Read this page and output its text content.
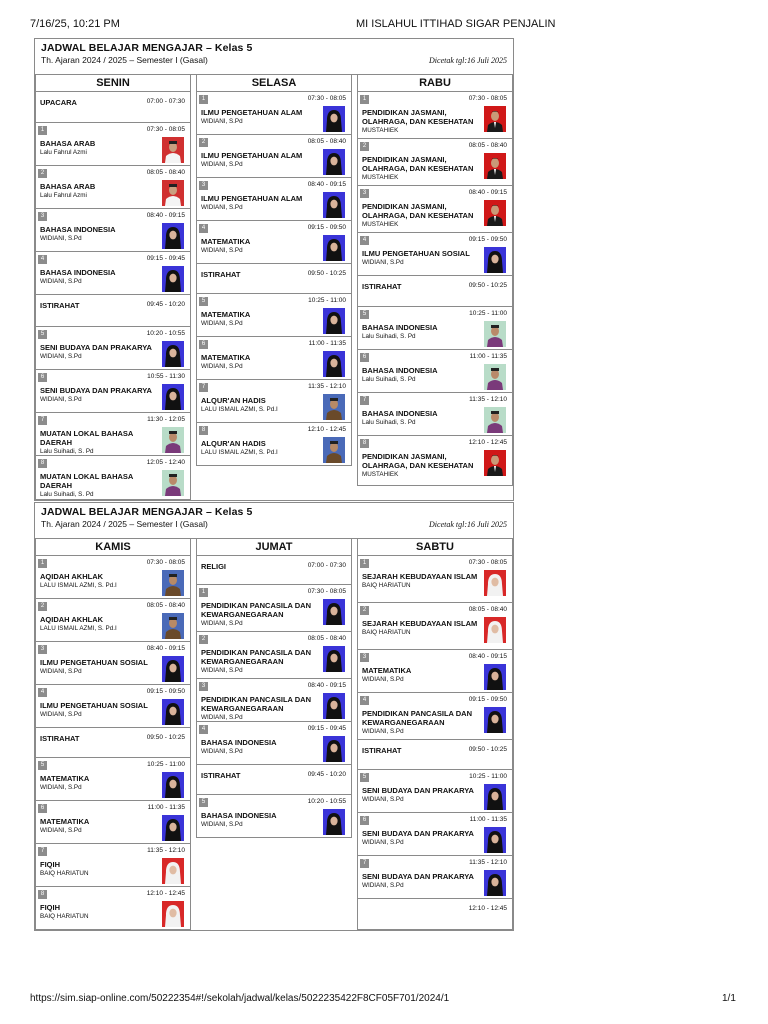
7/16/25, 10:21 PM	MI ISLAHUL ITTIHAD SIGAR PENJALIN
JADWAL BELAJAR MENGAJAR – Kelas 5
Th. Ajaran 2024 / 2025 – Semester I (Gasal)	Dicetak tgl:16 Juli 2025
SENIN
07:00 - 07:30
UPACARA
1	07:30 - 08:05
BAHASA ARAB
Lalu Fahrul Azmi
2	08:05 - 08:40
BAHASA ARAB
Lalu Fahrul Azmi
3	08:40 - 09:15
BAHASA INDONESIA
WIDIANI, S.Pd
4	09:15 - 09:45
BAHASA INDONESIA
WIDIANI, S.Pd
09:45 - 10:20
ISTIRAHAT
5	10:20 - 10:55
SENI BUDAYA DAN PRAKARYA
WIDIANI, S.Pd
6	10:55 - 11:30
SENI BUDAYA DAN PRAKARYA
WIDIANI, S.Pd
7	11:30 - 12:05
MUATAN LOKAL BAHASA DAERAH
Lalu Suihadi, S. Pd
8	12:05 - 12:40
MUATAN LOKAL BAHASA DAERAH
Lalu Suihadi, S. Pd
SELASA
1	07:30 - 08:05
ILMU PENGETAHUAN ALAM
WIDIANI, S.Pd
2	08:05 - 08:40
ILMU PENGETAHUAN ALAM
WIDIANI, S.Pd
3	08:40 - 09:15
ILMU PENGETAHUAN ALAM
WIDIANI, S.Pd
4	09:15 - 09:50
MATEMATIKA
WIDIANI, S.Pd
09:50 - 10:25
ISTIRAHAT
5	10:25 - 11:00
MATEMATIKA
WIDIANI, S.Pd
6	11:00 - 11:35
MATEMATIKA
WIDIANI, S.Pd
7	11:35 - 12:10
ALQUR'AN HADIS
LALU ISMAIL AZMI, S. Pd.I
8	12:10 - 12:45
ALQUR'AN HADIS
LALU ISMAIL AZMI, S. Pd.I
RABU
1	07:30 - 08:05
PENDIDIKAN JASMANI, OLAHRAGA, DAN KESEHATAN
MUSTAHIEK
2	08:05 - 08:40
PENDIDIKAN JASMANI, OLAHRAGA, DAN KESEHATAN
MUSTAHIEK
3	08:40 - 09:15
PENDIDIKAN JASMANI, OLAHRAGA, DAN KESEHATAN
MUSTAHIEK
4	09:15 - 09:50
ILMU PENGETAHUAN SOSIAL
WIDIANI, S.Pd
09:50 - 10:25
ISTIRAHAT
5	10:25 - 11:00
BAHASA INDONESIA
Lalu Suihadi, S. Pd
6	11:00 - 11:35
BAHASA INDONESIA
Lalu Suihadi, S. Pd
7	11:35 - 12:10
BAHASA INDONESIA
Lalu Suihadi, S. Pd
8	12:10 - 12:45
PENDIDIKAN JASMANI, OLAHRAGA, DAN KESEHATAN
MUSTAHIEK
JADWAL BELAJAR MENGAJAR – Kelas 5
Th. Ajaran 2024 / 2025 – Semester I (Gasal)	Dicetak tgl:16 Juli 2025
KAMIS
1	07:30 - 08:05
AQIDAH AKHLAK
LALU ISMAIL AZMI, S. Pd.I
2	08:05 - 08:40
AQIDAH AKHLAK
LALU ISMAIL AZMI, S. Pd.I
3	08:40 - 09:15
ILMU PENGETAHUAN SOSIAL
WIDIANI, S.Pd
4	09:15 - 09:50
ILMU PENGETAHUAN SOSIAL
WIDIANI, S.Pd
09:50 - 10:25
ISTIRAHAT
5	10:25 - 11:00
MATEMATIKA
WIDIANI, S.Pd
6	11:00 - 11:35
MATEMATIKA
WIDIANI, S.Pd
7	11:35 - 12:10
FIQIH
BAIQ HARIATUN
8	12:10 - 12:45
FIQIH
BAIQ HARIATUN
JUMAT
07:00 - 07:30
RELIGI
1	07:30 - 08:05
PENDIDIKAN PANCASILA DAN KEWARGANEGARAAN
WIDIANI, S.Pd
2	08:05 - 08:40
PENDIDIKAN PANCASILA DAN KEWARGANEGARAAN
WIDIANI, S.Pd
3	08:40 - 09:15
PENDIDIKAN PANCASILA DAN KEWARGANEGARAAN
WIDIANI, S.Pd
4	09:15 - 09:45
BAHASA INDONESIA
WIDIANI, S.Pd
09:45 - 10:20
ISTIRAHAT
5	10:20 - 10:55
BAHASA INDONESIA
WIDIANI, S.Pd
SABTU
1	07:30 - 08:05
SEJARAH KEBUDAYAAN ISLAM
BAIQ HARIATUN
2	08:05 - 08:40
SEJARAH KEBUDAYAAN ISLAM
BAIQ HARIATUN
3	08:40 - 09:15
MATEMATIKA
WIDIANI, S.Pd
4	09:15 - 09:50
PENDIDIKAN PANCASILA DAN KEWARGANEGARAAN
WIDIANI, S.Pd
09:50 - 10:25
ISTIRAHAT
5	10:25 - 11:00
SENI BUDAYA DAN PRAKARYA
WIDIANI, S.Pd
6	11:00 - 11:35
SENI BUDAYA DAN PRAKARYA
WIDIANI, S.Pd
7	11:35 - 12:10
SENI BUDAYA DAN PRAKARYA
WIDIANI, S.Pd
12:10 - 12:45
https://sim.siap-online.com/50222354#!/sekolah/jadwal/kelas/5022235422F8CF05F701/2024/1	1/1
